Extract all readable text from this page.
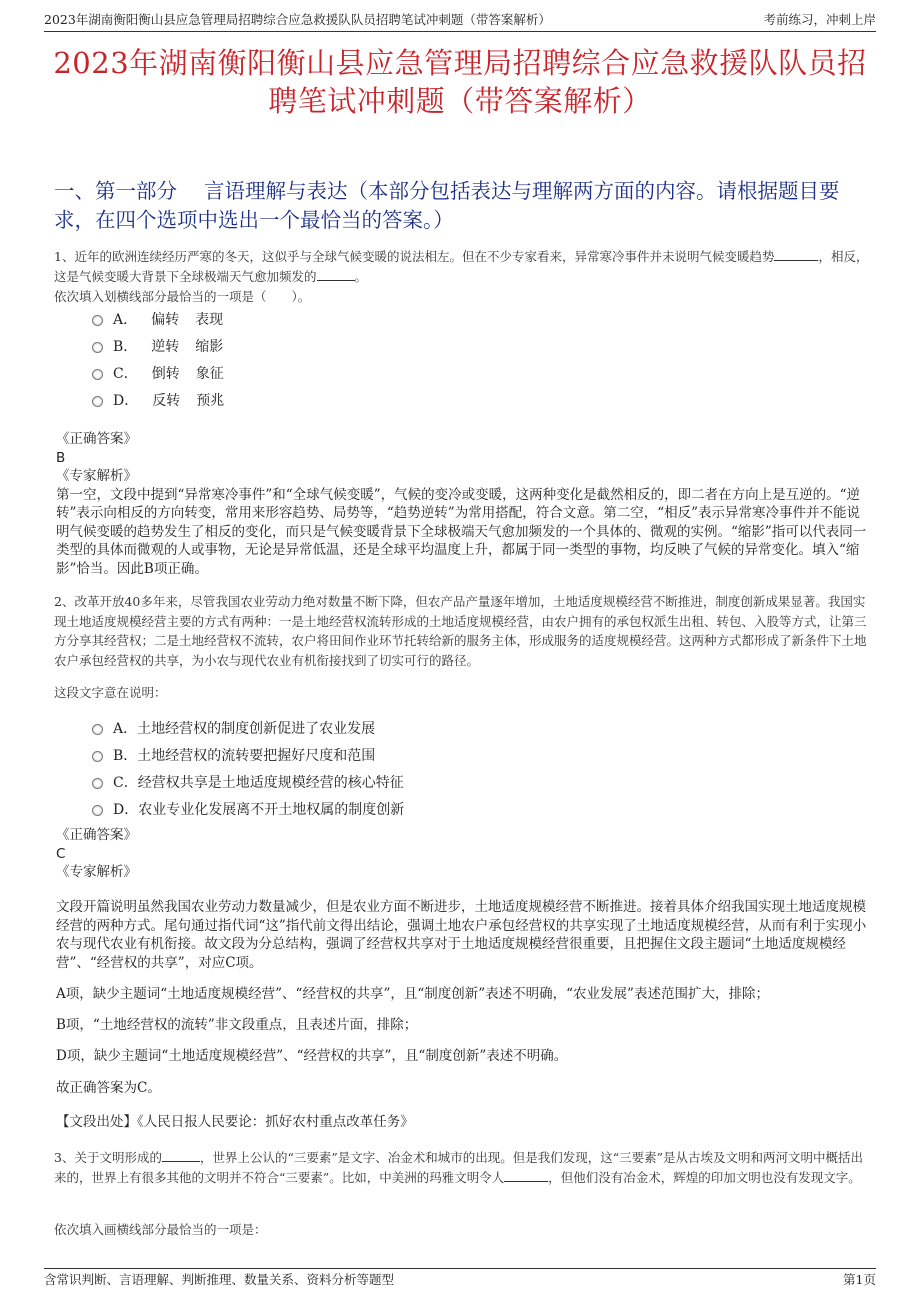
2023年湖南衡阳衡山县应急管理局招聘综合应急救援队队员招聘笔试冲刺题（带答案解析）	考前练习，冲刺上岸
2023年湖南衡阳衡山县应急管理局招聘综合应急救援队队员招聘笔试冲刺题（带答案解析）
一、第一部分　 言语理解与表达（本部分包括表达与理解两方面的内容。请根据题目要求，在四个选项中选出一个最恰当的答案。）
1、近年的欧洲连续经历严寒的冬天，这似乎与全球气候变暖的说法相左。但在不少专家看来，异常寒冷事件并未说明气候变暖趋势	，相反，这是气候变暖大背景下全球极端天气愈加频发的	。
依次填入划横线部分最恰当的一项是（　　）。
A． 偏转 表现
B． 逆转 缩影
C． 倒转 象征
D． 反转 预兆
《正确答案》
B
《专家解析》
第一空，文段中提到“异常寒冷事件”和“全球气候变暖”，气候的变冷或变暖，这两种变化是截然相反的，即二者在方向上是互逆的。“逆转”表示向相反的方向转变，常用来形容趋势、局势等，“趋势逆转”为常用搭配，符合文意。第二空，“相反”表示异常寒冷事件并不能说明气候变暖的趋势发生了相反的变化，而只是气候变暖背景下全球极端天气愈加频发的一个具体的、微观的实例。“缩影”指可以代表同一类型的具体而微观的人或事物，无论是异常低温，还是全球平均温度上升，都属于同一类型的事物，均反映了气候的异常变化。填入“缩影”恰当。因此B项正确。
2、改革开放40多年来，尽管我国农业劳动力绝对数量不断下降，但农产品产量逐年增加，土地适度规模经营不断推进，制度创新成果显著。我国实现土地适度规模经营主要的方式有两种：一是土地经营权流转形成的土地适度规模经营，由农户拥有的承包权派生出租、转包、入股等方式，让第三方分享其经营权；二是土地经营权不流转，农户将田间作业环节托转给新的服务主体，形成服务的适度规模经营。这两种方式都形成了新条件下土地农户承包经营权的共享，为小农与现代农业有机衔接找到了切实可行的路径。
这段文字意在说明：
A． 土地经营权的制度创新促进了农业发展
B． 土地经营权的流转要把握好尺度和范围
C． 经营权共享是土地适度规模经营的核心特征
D． 农业专业化发展离不开土地权属的制度创新
《正确答案》
C
《专家解析》
文段开篇说明虽然我国农业劳动力数量减少，但是农业方面不断进步，土地适度规模经营不断推进。接着具体介绍我国实现土地适度规模经营的两种方式。尾句通过指代词“这”指代前文得出结论，强调土地农户承包经营权的共享实现了土地适度规模经营，从而有利于实现小农与现代农业有机衔接。故文段为分总结构，强调了经营权共享对于土地适度规模经营很重要，且把握住文段主题词“土地适度规模经营”、“经营权的共享”，对应C项。
A项，缺少主题词“土地适度规模经营”、“经营权的共享”，且“制度创新”表述不明确，“农业发展”表述范围扩大，排除；
B项，“土地经营权的流转”非文段重点，且表述片面，排除；
D项，缺少主题词“土地适度规模经营”、“经营权的共享”，且“制度创新”表述不明确。
故正确答案为C。
【文段出处】《人民日报人民要论：抓好农村重点改革任务》
3、关于文明形成的	，世界上公认的“三要素”是文字、冶金术和城市的出现。但是我们发现，这“三要素”是从古埃及文明和两河文明中概括出来的，世界上有很多其他的文明并不符合“三要素”。比如，中美洲的玛雅文明令人	，但他们没有冶金术，辉煌的印加文明也没有发现文字。
依次填入画横线部分最恰当的一项是：
含常识判断、言语理解、判断推理、数量关系、资料分析等题型	第1页
